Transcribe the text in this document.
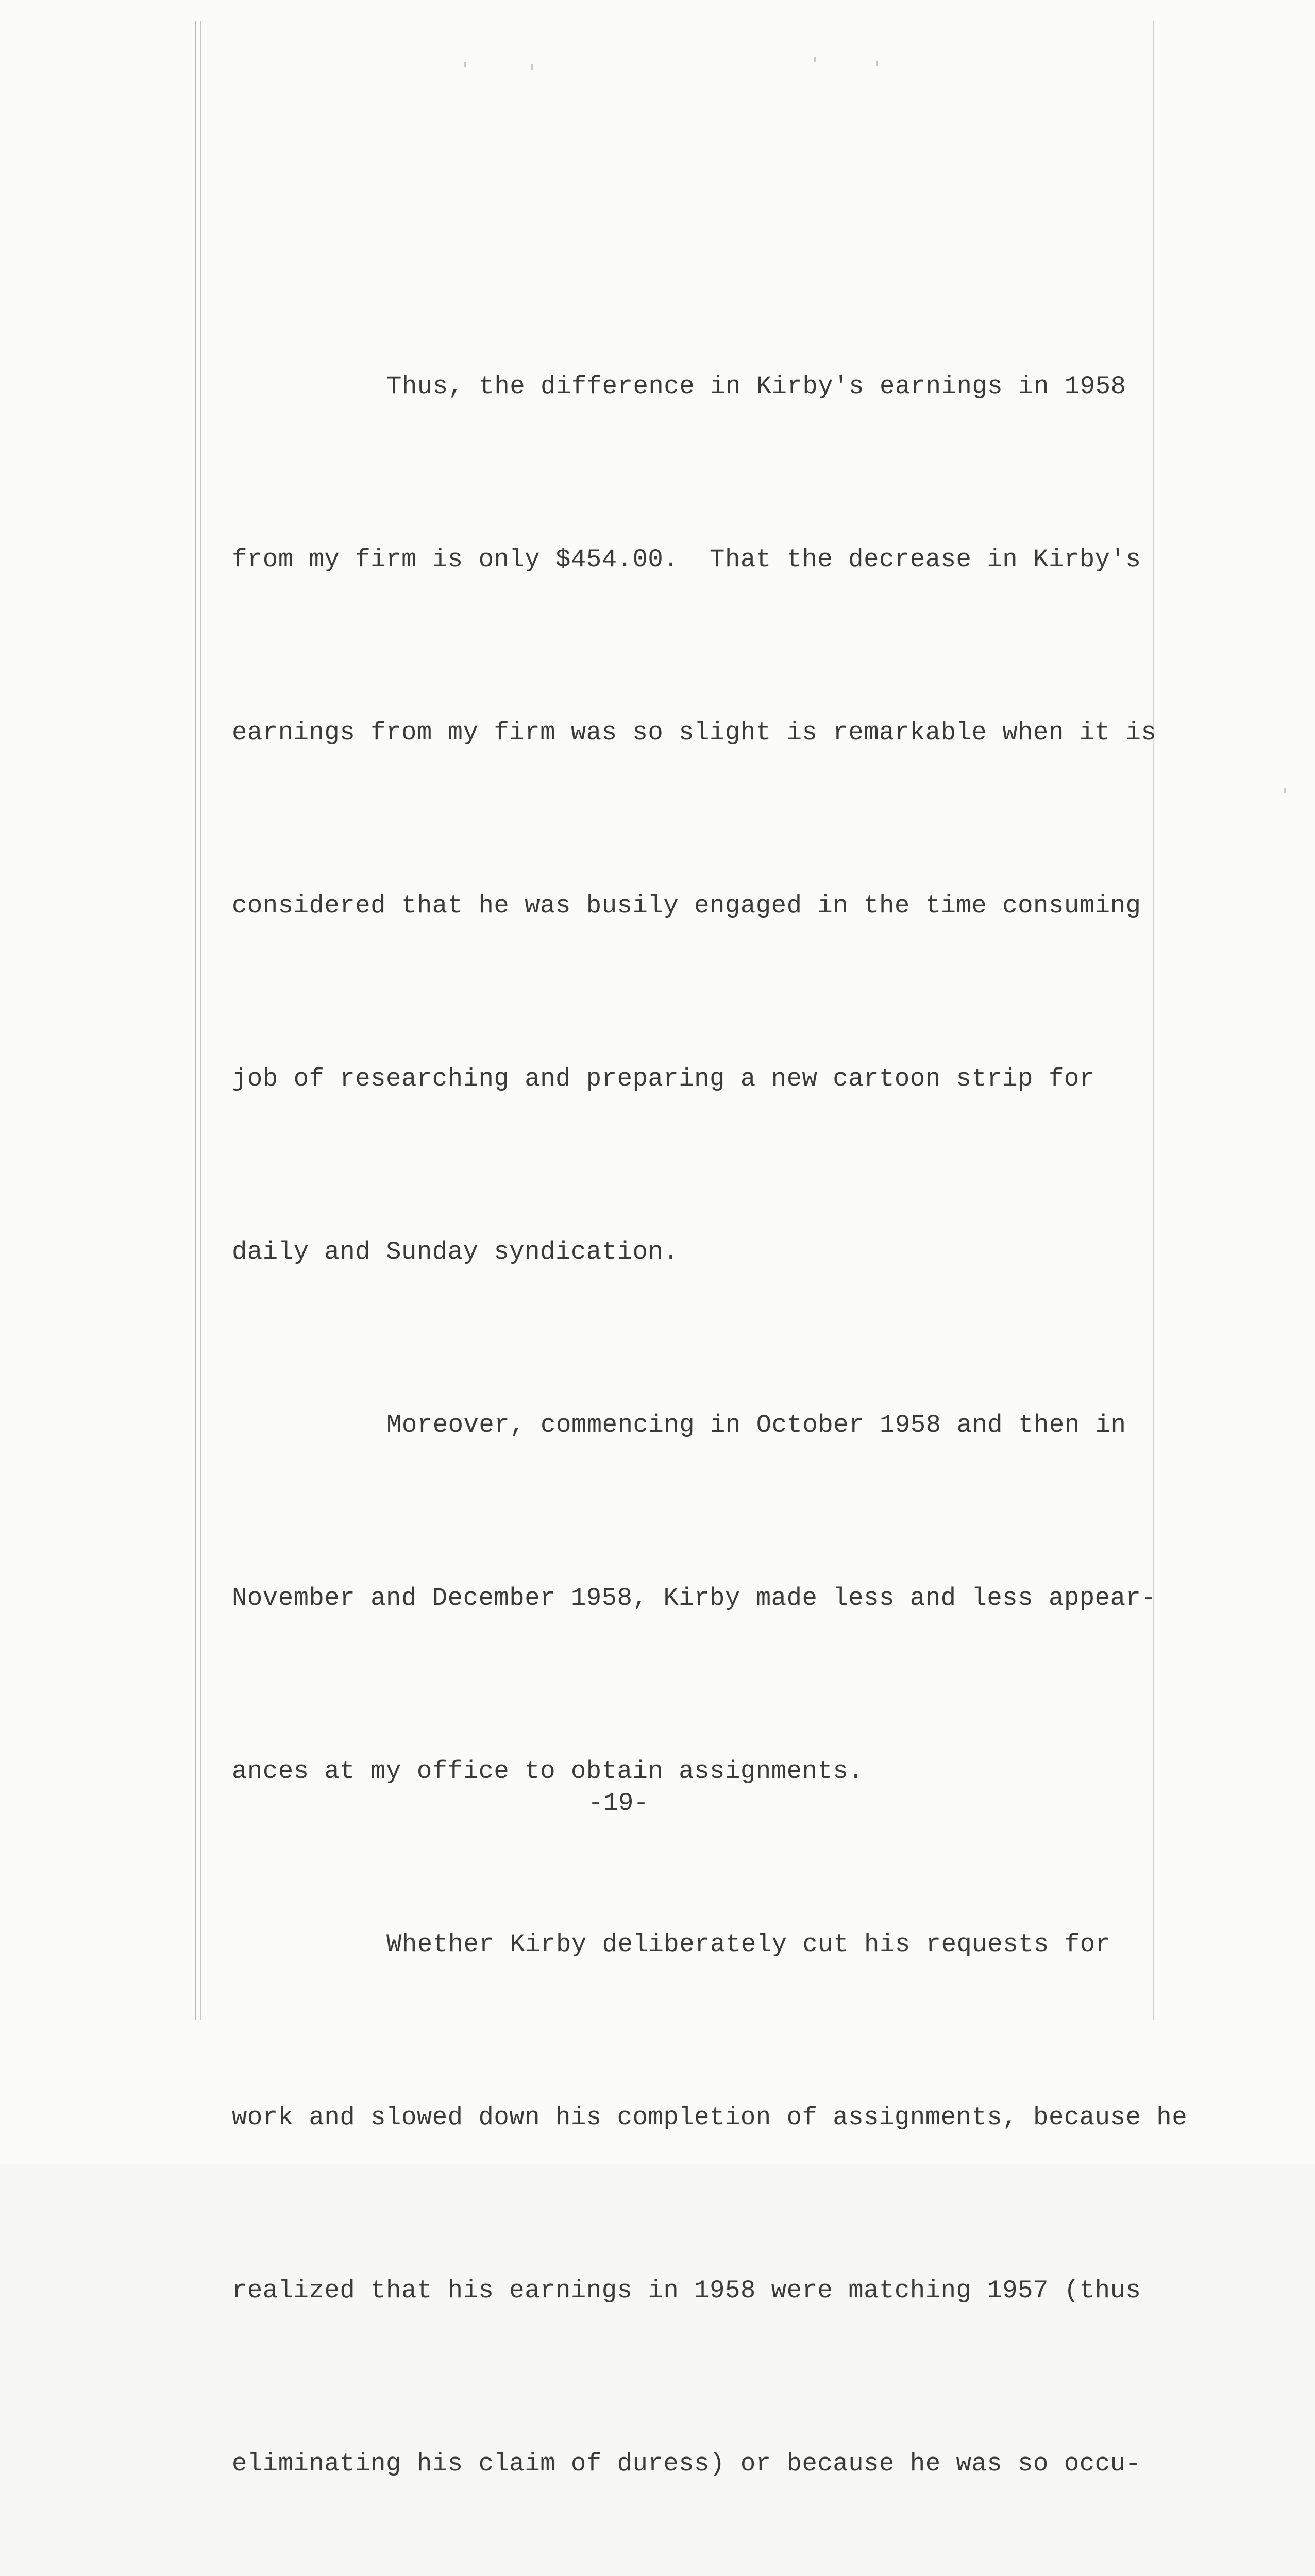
Thus, the difference in Kirby's earnings in 1958

from my firm is only $454.00.  That the decrease in Kirby's

earnings from my firm was so slight is remarkable when it is

considered that he was busily engaged in the time consuming

job of researching and preparing a new cartoon strip for

daily and Sunday syndication.

Moreover, commencing in October 1958 and then in

November and December 1958, Kirby made less and less appear-

ances at my office to obtain assignments.

Whether Kirby deliberately cut his requests for

work and slowed down his completion of assignments, because he

realized that his earnings in 1958 were matching 1957 (thus

eliminating his claim of duress) or because he was so occu-

-19-
